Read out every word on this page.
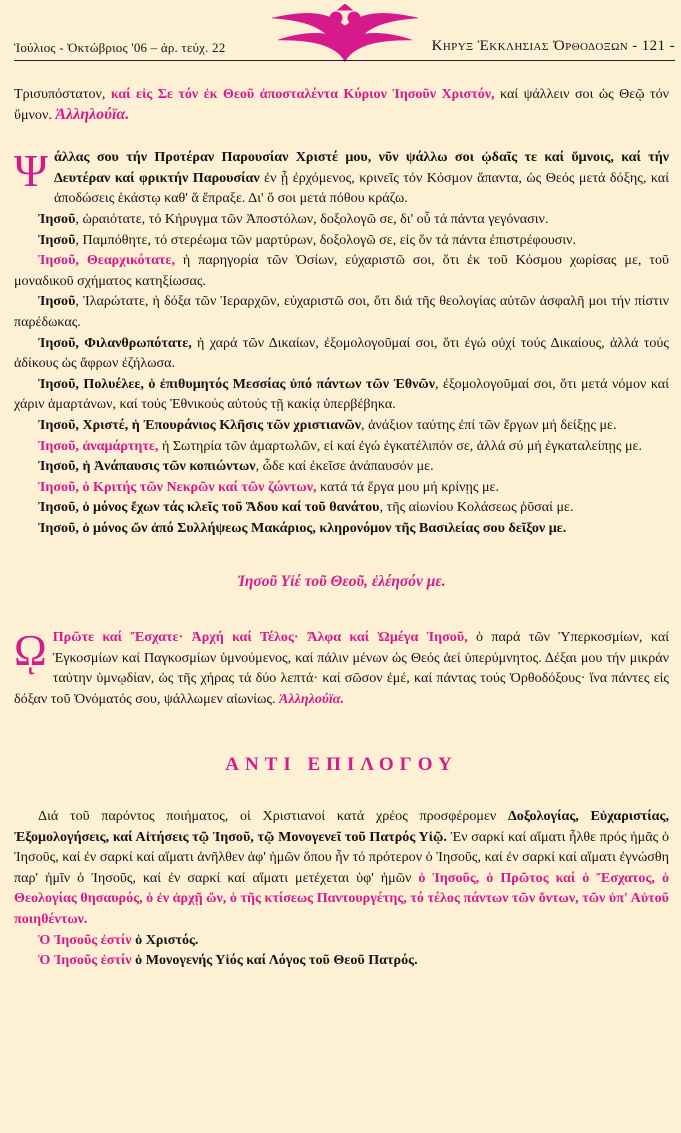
Ἰούλιος - Ὀκτώβριος '06 – ἀρ. τεύχ. 22	Κηρυξ Ἐκκλησιας Ὀρθοδοξων - 121 -

Τρισυπόστατον, καί εἰς Σε τόν ἐκ Θεοῦ ἀποσταλέντα Κύριον Ἰησοῦν Χριστόν, καί ψάλλειν σοι ὡς Θεῷ τόν ὕμνον. Ἀλληλούϊα.

Ψάλλας σου τήν Προτέραν Παρουσίαν Χριστέ μου, νῦν ψάλλω σοι ᾠδαῖς τε καί ὕμνοις, καί τήν Δευτέραν καί φρικτήν Παρουσίαν ἐν ᾗ ἐρχόμενος, κρινεῖς τόν Κόσμον ἅπαντα, ὡς Θεός μετά δόξης, καί ἀποδώσεις ἑκάστῳ καθ' ἅ ἔπραξε. Δι' ὅ σοι μετά πόθου κράζω.

Ἰησοῦ, ὡραιότατε, τό Κήρυγμα τῶν Ἀποστόλων, δοξολογῶ σε, δι' οὗ τά πάντα γεγόνασιν.

Ἰησοῦ, Παμπόθητε, τό στερέωμα τῶν μαρτύρων, δοξολογῶ σε, εἰς ὅν τά πάντα ἐπιστρέφουσιν.

Ἰησοῦ, Θεαρχικότατε, ἡ παρηγορία τῶν Ὁσίων, εὐχαριστῶ σοι, ὅτι ἐκ τοῦ Κόσμου χωρίσας με, τοῦ μοναδικοῦ σχήματος κατηξίωσας.

Ἰησοῦ, Ἱλαρώτατε, ἡ δόξα τῶν Ἱεραρχῶν, εὐχαριστῶ σοι, ὅτι διά τῆς θεολογίας αὐτῶν ἀσφαλῆ μοι τήν πίστιν παρέδωκας.

Ἰησοῦ, Φιλανθρωπότατε, ἡ χαρά τῶν Δικαίων, ἐξομολογοῦμαί σοι, ὅτι ἐγώ οὐχί τούς Δικαίους, ἀλλά τούς ἀδίκους ὡς ἄφρων ἐζήλωσα.

Ἰησοῦ, Πολυέλεε, ὁ ἐπιθυμητός Μεσσίας ὑπό πάντων τῶν Ἐθνῶν, ἐξομολογοῦμαί σοι, ὅτι μετά νόμον καί χάριν ἁμαρτάνων, καί τούς Ἐθνικούς αὐτούς τῇ κακίᾳ ὑπερβέβηκα.

Ἰησοῦ, Χριστέ, ἡ Ἐπουράνιος Κλῆσις τῶν χριστιανῶν, ἀνάξιον ταύτης ἐπί τῶν ἔργων μή δείξῃς με.

Ἰησοῦ, ἀναμάρτητε, ἡ Σωτηρία τῶν ἁμαρτωλῶν, εἰ καί ἐγώ ἐγκατέλιπόν σε, ἀλλά σύ μή ἐγκαταλείπῃς με.

Ἰησοῦ, ἡ Ἀνάπαυσις τῶν κοπιώντων, ὧδε καί ἐκεῖσε ἀνάπαυσόν με.

Ἰησοῦ, ὁ Κριτής τῶν Νεκρῶν καί τῶν ζώντων, κατά τά ἔργα μου μή κρίνῃς με.

Ἰησοῦ, ὁ μόνος ἔχων τάς κλεῖς τοῦ Ἅδου καί τοῦ θανάτου, τῆς αἰωνίου Κολάσεως ῥῦσαί με.

Ἰησοῦ, ὁ μόνος ὤν ἀπό Συλλήψεως Μακάριος, κληρονόμον τῆς Βασιλείας σου δεῖξον με.

Ἰησοῦ Υἱέ τοῦ Θεοῦ, ἐλέησόν με.

ῼ Πρῶτε καί Ἔσχατε· Ἀρχή καί Τέλος· Ἄλφα καί Ὠμέγα Ἰησοῦ, ὁ παρά τῶν Ὑπερκοσμίων, καί Ἐγκοσμίων καί Παγκοσμίων ὑμνούμενος, καί πάλιν μένων ὡς Θεός ἀεί ὑπερύμνητος. Δέξαι μου τήν μικράν ταύτην ὑμνῳδίαν, ὡς τῆς χήρας τά δύο λεπτά· καί σῶσον ἐμέ, καί πάντας τούς Ὀρθοδόξους· ἵνα πάντες εἰς δόξαν τοῦ Ὀνόματός σου, ψάλλωμεν αἰωνίως. Ἀλληλούϊα.

ΑΝΤΙ ΕΠΙΛΟΓΟΥ

Διά τοῦ παρόντος ποιήματος, οἱ Χριστιανοί κατά χρέος προσφέρομεν Δοξολογίας, Εὐχαριστίας, Ἐξομολογήσεις, καί Αἰτήσεις τῷ Ἰησοῦ, τῷ Μονογενεῖ τοῦ Πατρός Υἱῷ. Ἐν σαρκί καί αἵματι ἦλθε πρός ἡμᾶς ὁ Ἰησοῦς, καί ἐν σαρκί καί αἵματι ἀνῆλθεν ἀφ' ἡμῶν ὅπου ἦν τό πρότερον ὁ Ἰησοῦς, καί ἐν σαρκί καί αἵματι ἐγνώσθη παρ' ἡμῖν ὁ Ἰησοῦς, καί ἐν σαρκί καί αἵματι μετέχεται ὑφ' ἡμῶν ὁ Ἰησοῦς, ὁ Πρῶτος καί ὁ Ἔσχατος, ὁ Θεολογίας θησαυρός, ὁ ἐν ἀρχῇ ὤν, ὁ τῆς κτίσεως Παντουργέτης, τό τέλος πάντων τῶν ὄντων, τῶν ὑπ' Αὐτοῦ ποιηθέντων.

Ὁ Ἰησοῦς ἐστίν ὁ Χριστός.

Ὁ Ἰησοῦς ἐστίν ὁ Μονογενής Υἱός καί Λόγος τοῦ Θεοῦ Πατρός.
